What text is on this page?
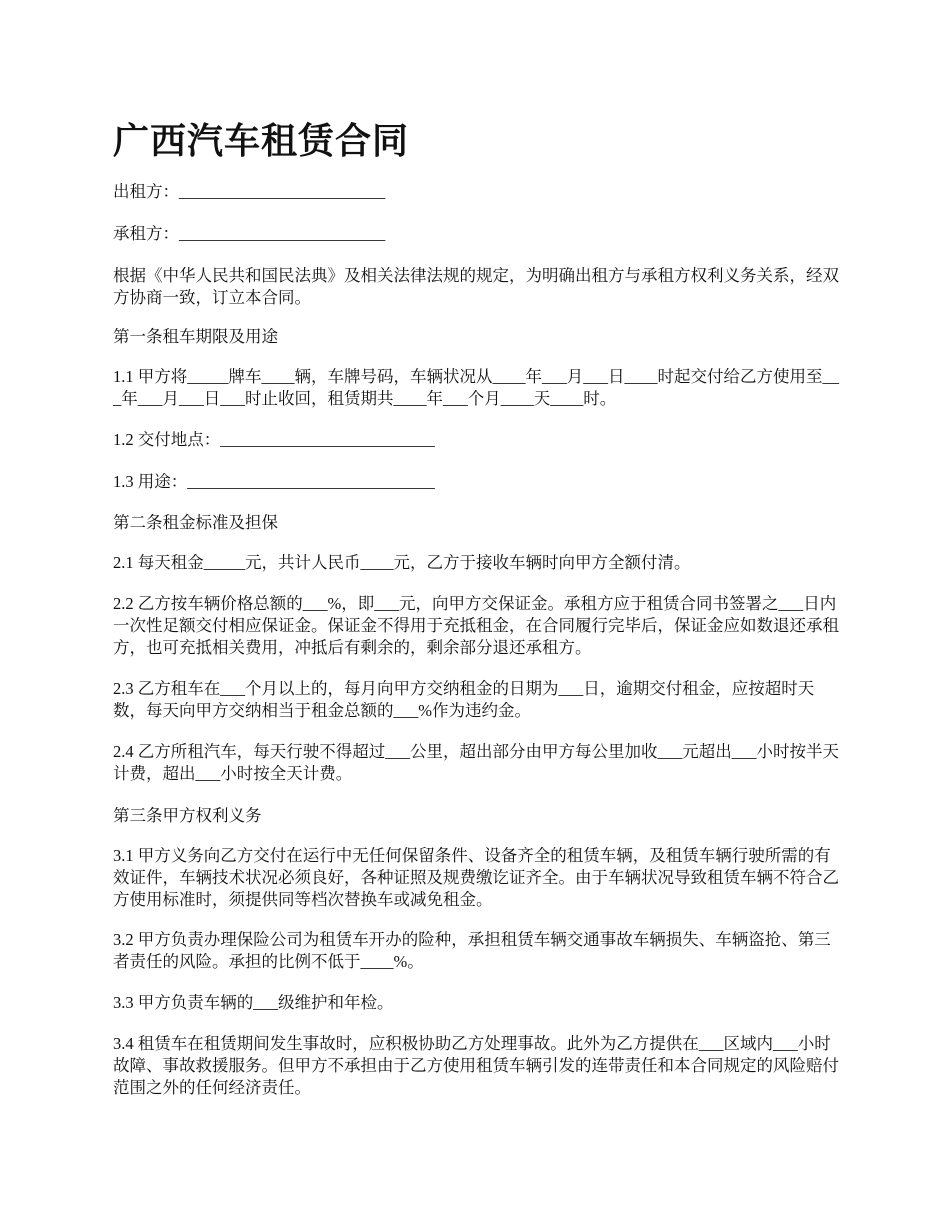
广西汽车租赁合同
出租方：_________________________
承租方：_________________________
根据《中华人民共和国民法典》及相关法律法规的规定，为明确出租方与承租方权利义务关系，经双方协商一致，订立本合同。
第一条租车期限及用途
1.1 甲方将_____牌车____辆，车牌号码，车辆状况从____年___月___日____时起交付给乙方使用至___年___月___日___时止收回，租赁期共____年___个月____天____时。
1.2 交付地点：__________________________
1.3 用途：______________________________
第二条租金标准及担保
2.1 每天租金_____元，共计人民币____元，乙方于接收车辆时向甲方全额付清。
2.2 乙方按车辆价格总额的___%，即___元，向甲方交保证金。承租方应于租赁合同书签署之___日内一次性足额交付相应保证金。保证金不得用于充抵租金，在合同履行完毕后，保证金应如数退还承租方，也可充抵相关费用，冲抵后有剩余的，剩余部分退还承租方。
2.3 乙方租车在___个月以上的，每月向甲方交纳租金的日期为___日，逾期交付租金，应按超时天数，每天向甲方交纳相当于租金总额的___%作为违约金。
2.4 乙方所租汽车，每天行驶不得超过___公里，超出部分由甲方每公里加收___元超出___小时按半天计费，超出___小时按全天计费。
第三条甲方权利义务
3.1 甲方义务向乙方交付在运行中无任何保留条件、设备齐全的租赁车辆，及租赁车辆行驶所需的有效证件，车辆技术状况必须良好，各种证照及规费缴讫证齐全。由于车辆状况导致租赁车辆不符合乙方使用标准时，须提供同等档次替换车或减免租金。
3.2 甲方负责办理保险公司为租赁车开办的险种，承担租赁车辆交通事故车辆损失、车辆盗抢、第三者责任的风险。承担的比例不低于____%。
3.3 甲方负责车辆的___级维护和年检。
3.4 租赁车在租赁期间发生事故时，应积极协助乙方处理事故。此外为乙方提供在___区域内___小时故障、事故救援服务。但甲方不承担由于乙方使用租赁车辆引发的连带责任和本合同规定的风险赔付范围之外的任何经济责任。
